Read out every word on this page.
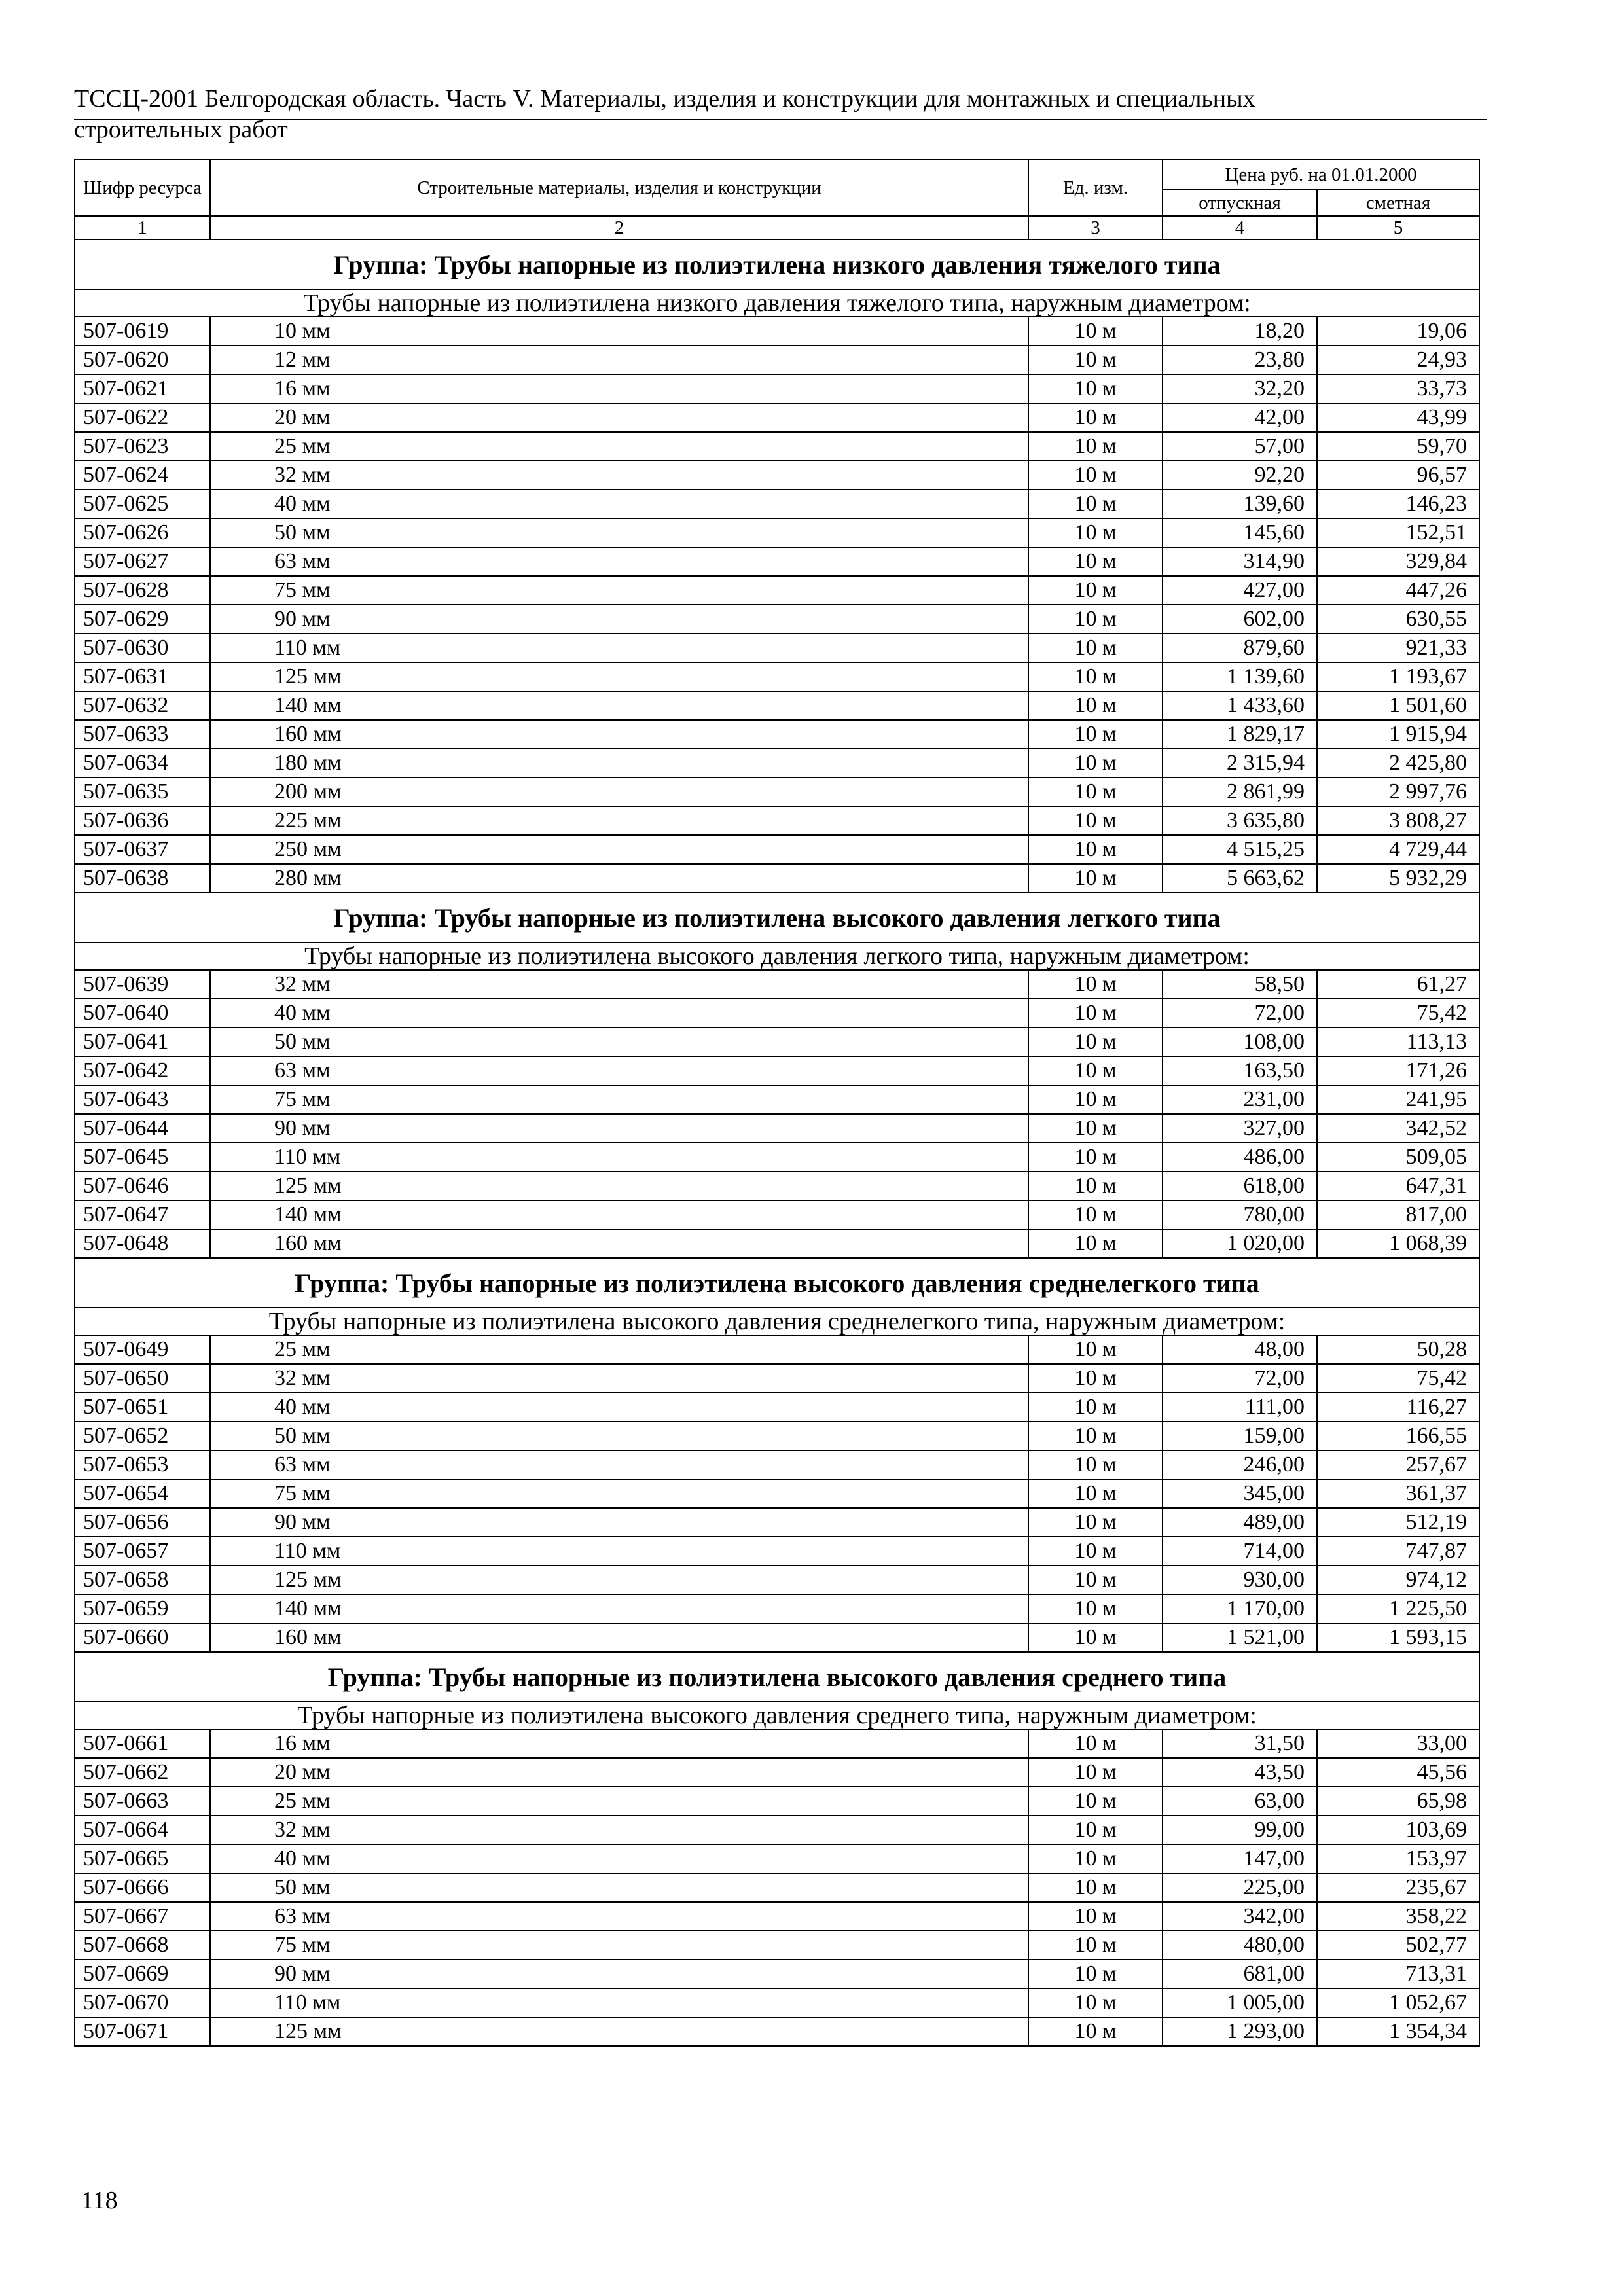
ТССЦ-2001 Белгородская область. Часть V. Материалы, изделия и конструкции для монтажных и специальных
строительных работ
Шифр ресурса	Строительные материалы, изделия и конструкции	Ед. изм.	Цена руб. на 01.01.2000	
			отпускная	сметная
1	2	3	4	5
Группа: Трубы напорные из полиэтилена низкого давления тяжелого типа				
Трубы напорные из полиэтилена низкого давления тяжелого типа, наружным диаметром:				
507-0619	10 мм	10 м	18,20	19,06
507-0620	12 мм	10 м	23,80	24,93
507-0621	16 мм	10 м	32,20	33,73
507-0622	20 мм	10 м	42,00	43,99
507-0623	25 мм	10 м	57,00	59,70
507-0624	32 мм	10 м	92,20	96,57
507-0625	40 мм	10 м	139,60	146,23
507-0626	50 мм	10 м	145,60	152,51
507-0627	63 мм	10 м	314,90	329,84
507-0628	75 мм	10 м	427,00	447,26
507-0629	90 мм	10 м	602,00	630,55
507-0630	110 мм	10 м	879,60	921,33
507-0631	125 мм	10 м	1 139,60	1 193,67
507-0632	140 мм	10 м	1 433,60	1 501,60
507-0633	160 мм	10 м	1 829,17	1 915,94
507-0634	180 мм	10 м	2 315,94	2 425,80
507-0635	200 мм	10 м	2 861,99	2 997,76
507-0636	225 мм	10 м	3 635,80	3 808,27
507-0637	250 мм	10 м	4 515,25	4 729,44
507-0638	280 мм	10 м	5 663,62	5 932,29
Группа: Трубы напорные из полиэтилена высокого давления легкого типа				
Трубы напорные из полиэтилена высокого давления легкого типа, наружным диаметром:				
507-0639	32 мм	10 м	58,50	61,27
507-0640	40 мм	10 м	72,00	75,42
507-0641	50 мм	10 м	108,00	113,13
507-0642	63 мм	10 м	163,50	171,26
507-0643	75 мм	10 м	231,00	241,95
507-0644	90 мм	10 м	327,00	342,52
507-0645	110 мм	10 м	486,00	509,05
507-0646	125 мм	10 м	618,00	647,31
507-0647	140 мм	10 м	780,00	817,00
507-0648	160 мм	10 м	1 020,00	1 068,39
Группа: Трубы напорные из полиэтилена высокого давления среднелегкого типа				
Трубы напорные из полиэтилена высокого давления среднелегкого типа, наружным диаметром:				
507-0649	25 мм	10 м	48,00	50,28
507-0650	32 мм	10 м	72,00	75,42
507-0651	40 мм	10 м	111,00	116,27
507-0652	50 мм	10 м	159,00	166,55
507-0653	63 мм	10 м	246,00	257,67
507-0654	75 мм	10 м	345,00	361,37
507-0656	90 мм	10 м	489,00	512,19
507-0657	110 мм	10 м	714,00	747,87
507-0658	125 мм	10 м	930,00	974,12
507-0659	140 мм	10 м	1 170,00	1 225,50
507-0660	160 мм	10 м	1 521,00	1 593,15
Группа: Трубы напорные из полиэтилена высокого давления среднего типа				
Трубы напорные из полиэтилена высокого давления среднего типа, наружным диаметром:				
507-0661	16 мм	10 м	31,50	33,00
507-0662	20 мм	10 м	43,50	45,56
507-0663	25 мм	10 м	63,00	65,98
507-0664	32 мм	10 м	99,00	103,69
507-0665	40 мм	10 м	147,00	153,97
507-0666	50 мм	10 м	225,00	235,67
507-0667	63 мм	10 м	342,00	358,22
507-0668	75 мм	10 м	480,00	502,77
507-0669	90 мм	10 м	681,00	713,31
507-0670	110 мм	10 м	1 005,00	1 052,67
507-0671	125 мм	10 м	1 293,00	1 354,34
118
